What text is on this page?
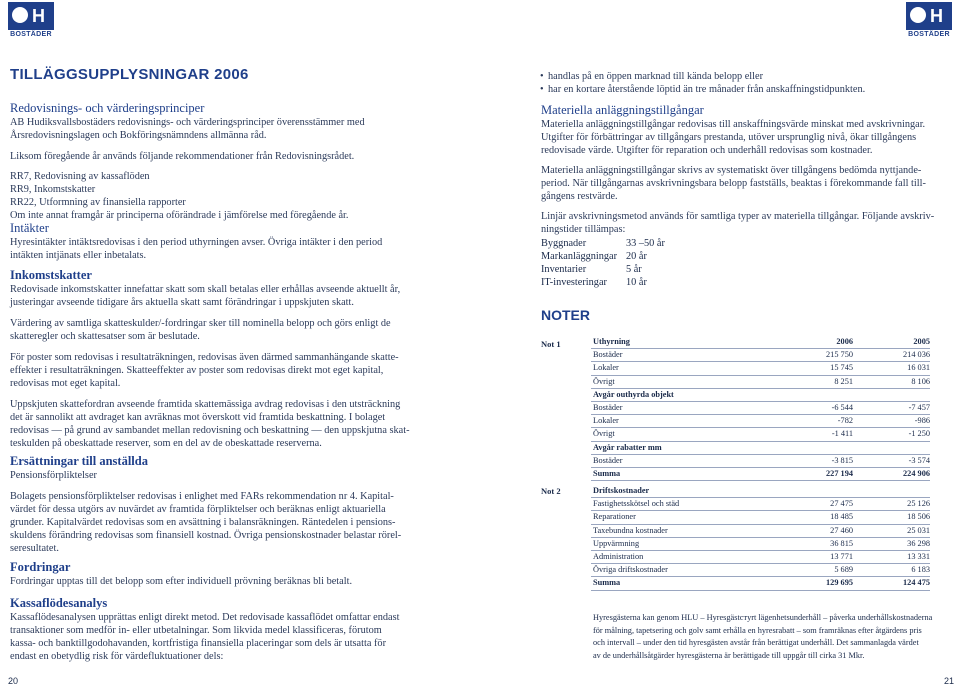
H
BOSTÄDER
H
BOSTÄDER
TILLÄGGSUPPLYSNINGAR 2006
Redovisnings- och värderingsprinciper
AB Hudiksvallsbostäders redovisnings- och värderingsprinciper överensstämmer med
Årsredovisningslagen och Bokföringsnämndens allmänna råd.
Liksom föregående år används följande rekommendationer från Redovisningsrådet.
RR7, Redovisning av kassaflöden
RR9, Inkomstskatter
RR22, Utformning av finansiella rapporter
Om inte annat framgår är principerna oförändrade i jämförelse med föregående år.
Intäkter
Hyresintäkter intäktsredovisas i den period uthyrningen avser. Övriga intäkter i den period
intäkten intjänats eller inbetalats.
Inkomstskatter
Redovisade inkomstskatter innefattar skatt som skall betalas eller erhållas avseende aktuellt år,
justeringar avseende tidigare års aktuella skatt samt förändringar i uppskjuten skatt.
Värdering av samtliga skatteskulder/-fordringar sker till nominella belopp och görs enligt de
skatteregler och skattesatser som är beslutade.
För poster som redovisas i resultaträkningen, redovisas även därmed sammanhängande skatte-
effekter i resultaträkningen. Skatteeffekter av poster som redovisas direkt mot eget kapital,
redovisas mot eget kapital.
Uppskjuten skattefordran avseende framtida skattemässiga avdrag redovisas i den utsträckning
det är sannolikt att avdraget kan avräknas mot överskott vid framtida beskattning. I bolaget
redovisas — på grund av sambandet mellan redovisning och beskattning — den uppskjutna skat-
teskulden på obeskattade reserver, som en del av de obeskattade reserverna.
Ersättningar till anställda
Pensionsförpliktelser
Bolagets pensionsförpliktelser redovisas i enlighet med FARs rekommendation nr 4. Kapital-
värdet för dessa utgörs av nuvärdet av framtida förpliktelser och beräknas enligt aktuariella
grunder. Kapitalvärdet redovisas som en avsättning i balansräkningen. Räntedelen i pensions-
skuldens förändring redovisas som finansiell kostnad. Övriga pensionskostnader belastar rörel-
seresultatet.
Fordringar
Fordringar upptas till det belopp som efter individuell prövning beräknas bli betalt.
Kassaflödesanalys
Kassaflödesanalysen upprättas enligt direkt metod. Det redovisade kassaflödet omfattar endast
transaktioner som medför in- eller utbetalningar. Som likvida medel klassificeras, förutom
kassa- och banktillgodohavanden, kortfristiga finansiella placeringar som dels är utsatta för
endast en obetydlig risk för värdefluktuationer dels:
• handlas på en öppen marknad till kända belopp eller
• har en kortare återstående löptid än tre månader från anskaffningstidpunkten.
Materiella anläggningstillgångar
Materiella anläggningstillgångar redovisas till anskaffningsvärde minskat med avskrivningar.
Utgifter för förbättringar av tillgångars prestanda, utöver ursprunglig nivå, ökar tillgångens
redovisade värde. Utgifter för reparation och underhåll redovisas som kostnader.
Materiella anläggningstillgångar skrivs av systematiskt över tillgångens bedömda nyttjande-
period. När tillgångarnas avskrivningsbara belopp fastställs, beaktas i förekommande fall till-
gångens restvärde.
Linjär avskrivningsmetod används för samtliga typer av materiella tillgångar. Följande avskriv-
ningstider tillämpas:
Byggnader	33 –50 år
Markanläggningar 20 år
Inventarier	5 år
IT-investeringar	10 år
NOTER
Not 1	Uthyrning	2006	2005
Bostäder	215 750	214 036
Lokaler	15 745	16 031
Övrigt	8 251	8 106
Avgår outhyrda objekt		
Bostäder	-6 544	-7 457
Lokaler	-782	-986
Övrigt	-1 411	-1 250
Avgår rabatter mm		
Bostäder	-3 815	-3 574
Summa	227 194	224 906
Not 2	Driftskostnader		
Fastighetsskötsel och städ	27 475	25 126
Reparationer	18 485	18 506
Taxebundna kostnader	27 460	25 031
Uppvärmning	36 815	36 298
Administration	13 771	13 331
Övriga driftskostnader	5 689	6 183
Summa	129 695	124 475
Hyresgästerna kan genom HLU – Hyresgästстyrt lägenhetsunderhåll – påverka underhållskostnaderna
för målning, tapetsering och golv samt erhålla en hyresrabatt – som framräknas efter åtgärdens pris
och intervall – under den tid hyresgästen avstår från berättigat underhåll. Det sammanlagda värdet
av de underhållsåtgärder hyresgästerna är berättigade till uppgår till cirka 31 Mkr.
20	21
